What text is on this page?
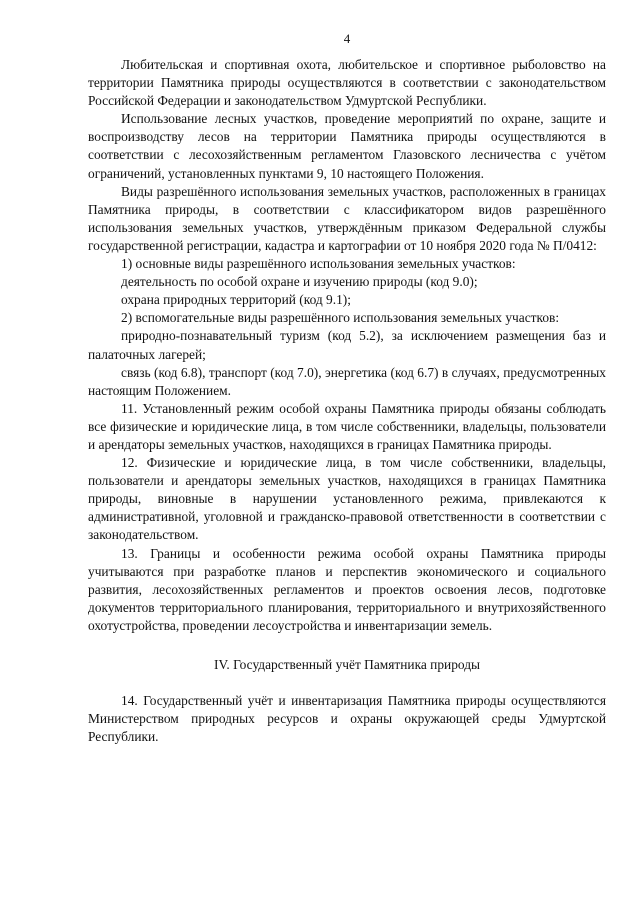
4

Любительская и спортивная охота, любительское и спортивное рыболовство на территории Памятника природы осуществляются в соответствии с законодательством Российской Федерации и законодательством Удмуртской Республики.

Использование лесных участков, проведение мероприятий по охране, защите и воспроизводству лесов на территории Памятника природы осуществляются в соответствии с лесохозяйственным регламентом Глазовского лесничества с учётом ограничений, установленных пунктами 9, 10 настоящего Положения.

Виды разрешённого использования земельных участков, расположенных в границах Памятника природы, в соответствии с классификатором видов разрешённого использования земельных участков, утверждённым приказом Федеральной службы государственной регистрации, кадастра и картографии от 10 ноября 2020 года № П/0412:

1) основные виды разрешённого использования земельных участков:

деятельность по особой охране и изучению природы (код 9.0);

охрана природных территорий (код 9.1);

2) вспомогательные виды разрешённого использования земельных участков:

природно-познавательный туризм (код 5.2), за исключением размещения баз и палаточных лагерей;

связь (код 6.8), транспорт (код 7.0), энергетика (код 6.7) в случаях, предусмотренных настоящим Положением.

11. Установленный режим особой охраны Памятника природы обязаны соблюдать все физические и юридические лица, в том числе собственники, владельцы, пользователи и арендаторы земельных участков, находящихся в границах Памятника природы.

12. Физические и юридические лица, в том числе собственники, владельцы, пользователи и арендаторы земельных участков, находящихся в границах Памятника природы, виновные в нарушении установленного режима, привлекаются к административной, уголовной и гражданско-правовой ответственности в соответствии с законодательством.

13. Границы и особенности режима особой охраны Памятника природы учитываются при разработке планов и перспектив экономического и социального развития, лесохозяйственных регламентов и проектов освоения лесов, подготовке документов территориального планирования, территориального и внутрихозяйственного охотустройства, проведении лесоустройства и инвентаризации земель.

IV. Государственный учёт Памятника природы

14. Государственный учёт и инвентаризация Памятника природы осуществляются Министерством природных ресурсов и охраны окружающей среды Удмуртской Республики.
